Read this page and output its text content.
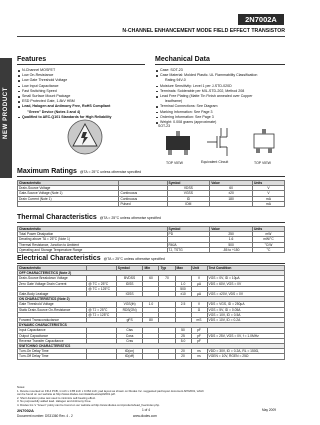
NEW PRODUCT
2N7002A
N-CHANNEL ENHANCEMENT MODE FIELD EFFECT TRANSISTOR
Features
N-Channel MOSFET
Low On-Resistance
Low Gate Threshold Voltage
Low Input Capacitance
Fast Switching Speed
Small Surface Mount Package
ESD Protected Gate, 1.8kV HBM
Lead, Halogen and Antimony Free, RoHS Compliant
"Green" Device (Notes 3 and 4)
Qualified to AEC-Q101 Standards for High Reliability
Mechanical Data
Case: SOT-23
Case Material: Molded Plastic. UL Flammability Classification
Rating 94V-0
Moisture Sensitivity: Level 1 per J-STD-020D
Terminals: Solderable per MIL-STD-202, Method 208
Lead Free Plating (Matte Tin Finish annealed over Copper
leadframe)
Terminal Connections: See Diagram
Marking Information: See Page 3
Ordering Information: See Page 3
Weight: 0.008 grams (approximate)
SOT-23
TOP VIEW	Equivalent Circuit	TOP VIEW
Maximum Ratings @TA = 25°C unless otherwise specified
Characteristic		Symbol	Value	Units
Drain-Source Voltage		VDSS	60	V
Gate-Source Voltage (Note 1)	Continuous	VGSS	±20	V
Drain Current (Note 1)	Continuous	ID	180	mA
	Pulsed	IDM		mA
Thermal Characteristics @TA = 25°C unless otherwise specified
Characteristic	Symbol	Value	Units
Total Power Dissipation	PD	250	mW
Derating above TA = 25°C (Note 1)		1.6	mW/°C
Thermal Resistance, Junction to Ambient	RθJA	500	°C/W
Operating and Storage Temperature Range	TJ, TSTG	-55 to +150	°C
Electrical Characteristics @TA = 25°C unless otherwise specified
Characteristic		Symbol	Min	Typ	Max	Unit	Test Condition
OFF CHARACTERISTICS (Note 2)							
Drain-Source Breakdown Voltage		BVDSS	60	70		V	VGS = 0V, ID = 10μA
Zero Gate Voltage Drain Current	@ TC = 25°C	IDSS			1.0	μA	VDS = 60V, VGS = 0V
	@ TC = 125°C				500		
Gate-Body Leakage		IGSS			±10	μA	VGS = ±20V, VDS = 0V
ON CHARACTERISTICS (Note 2)							
Gate Threshold Voltage		VGS(th)	1.0		2.5	V	VDS = VGS, ID = 250μA
Static Drain-Source On-Resistance	@ TJ = 25°C	RDS(ON)				Ω	VGS = 5V, ID = 0.05A
	@ TJ = 125°C						VGS = 10V, ID = 0.5A
Forward Transconductance		gFS	80			mS	VDS = 10V, ID = 0.2A
DYNAMIC CHARACTERISTICS							
Input Capacitance		Ciss			50	pF	
Output Capacitance		Coss			25	pF	VDS = 25V, VGS = 0V, f = 1.0MHz
Reverse Transfer Capacitance		Crss			5.0	pF	
SWITCHING CHARACTERISTICS							
Turn-On Delay Time		tD(on)			20	ns	VDD = 30V, ID = 0.2A, RL = 150Ω,
Turn-Off Delay Time		tD(off)			20	ns	VGEN = 10V, RGEN = 25Ω
Notes:
1. Device mounted on FR-4 PCB, 1 inch x 0.85 inch x 0.062 inch; pad layout as shown on Diodes Inc. suggested pad layout document AP02001, which
can be found on our website at http://www.diodes.com/datasheets/ap02001.pdf.
2. Short duration pulse test used to minimize self-heating effect.
3. No purposefully added lead. Halogen and Antimony Free.
4. Diodes Inc.'s "Green" policy can be found on our website at http://www.diodes.com/products/lead_free/index.php.
2N7002A
Document number: DS31360 Rev. 4 - 2
1 of 4
www.diodes.com
May 2009
